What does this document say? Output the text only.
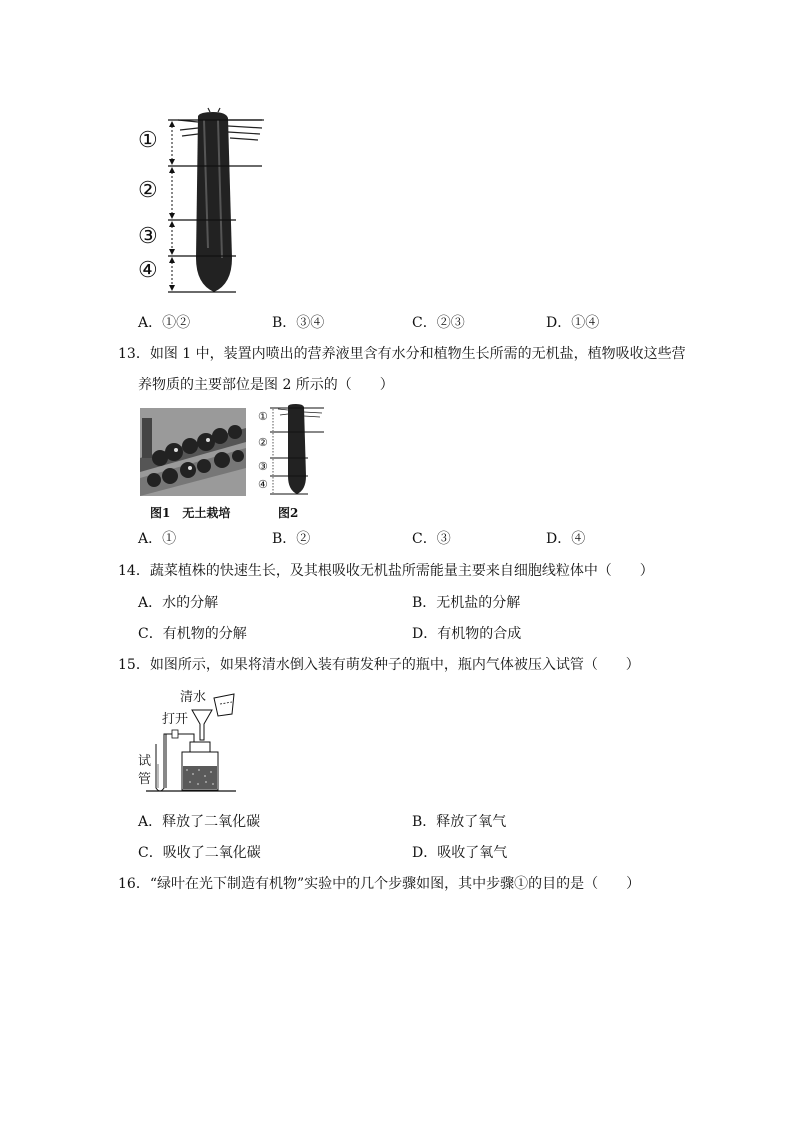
①
②
③
④
A．①②	B．③④	C．②③	D．①④
13．如图 1 中，装置内喷出的营养液里含有水分和植物生长所需的无机盐，植物吸收这些营
养物质的主要部位是图 2 所示的（　　）
①
②
③
④
图1　无土栽培	图2
A．①	B．②	C．③	D．④
14．蔬菜植株的快速生长，及其根吸收无机盐所需能量主要来自细胞线粒体中（　　）
A．水的分解	B．无机盐的分解
C．有机物的分解	D．有机物的合成
15．如图所示，如果将清水倒入装有萌发种子的瓶中，瓶内气体被压入试管（　　）
清水
打开
试
管
A．释放了二氧化碳	B．释放了氧气
C．吸收了二氧化碳	D．吸收了氧气
16．“绿叶在光下制造有机物”实验中的几个步骤如图，其中步骤①的目的是（　　）
